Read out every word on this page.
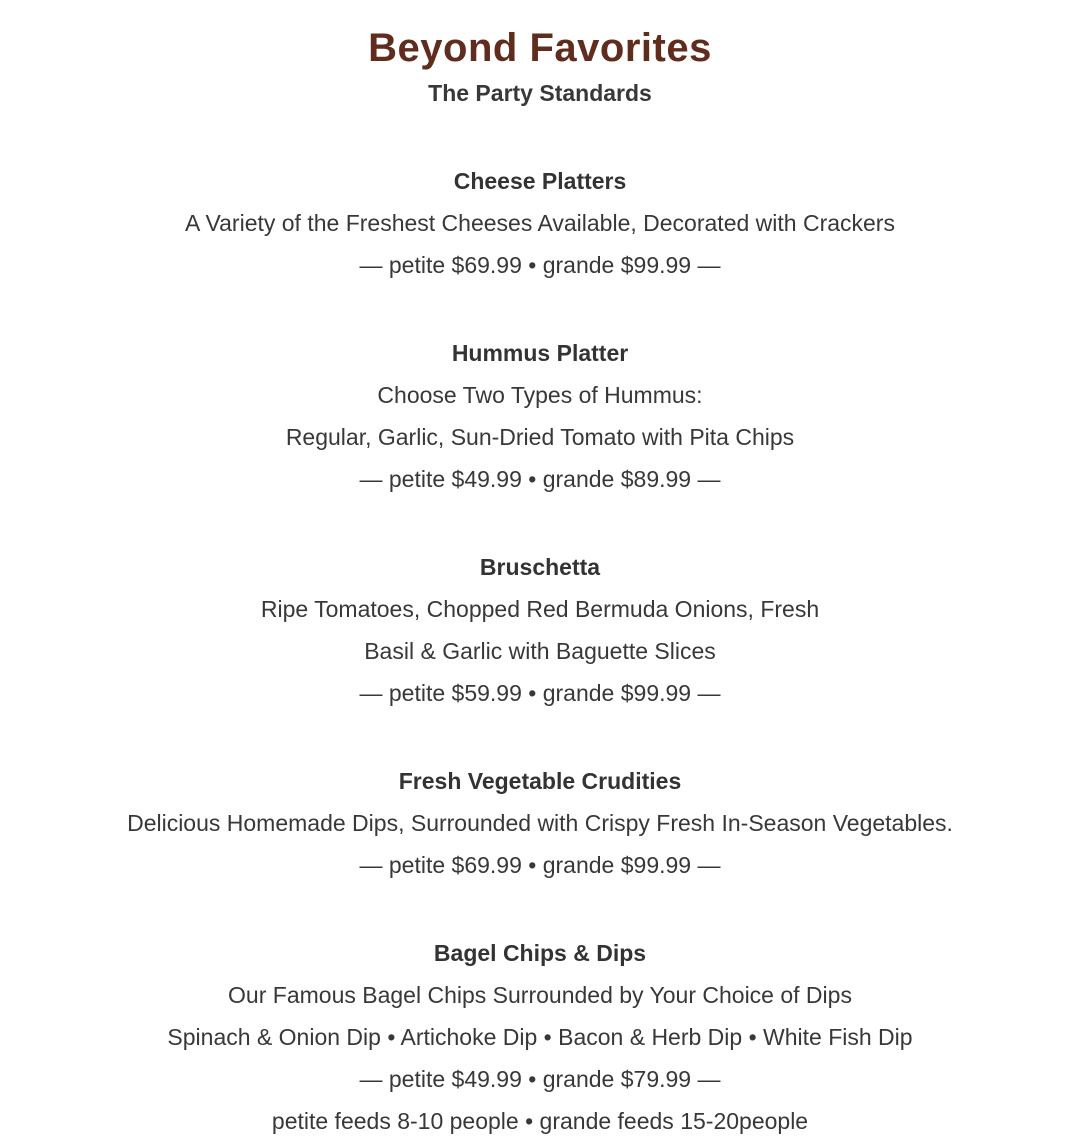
Beyond Favorites
The Party Standards
Cheese Platters

A Variety of the Freshest Cheeses Available, Decorated with Crackers

— petite $69.99 • grande $99.99 —

Hummus Platter

Choose Two Types of Hummus:

Regular, Garlic, Sun-Dried Tomato with Pita Chips

— petite $49.99 • grande $89.99 —

Bruschetta

Ripe Tomatoes, Chopped Red Bermuda Onions, Fresh

Basil & Garlic with Baguette Slices

— petite $59.99 • grande $99.99 —

Fresh Vegetable Crudities

Delicious Homemade Dips, Surrounded with Crispy Fresh In-Season Vegetables.

— petite $69.99 • grande $99.99 —

Bagel Chips & Dips

Our Famous Bagel Chips Surrounded by Your Choice of Dips

Spinach & Onion Dip • Artichoke Dip • Bacon & Herb Dip • White Fish Dip

— petite $49.99 • grande $79.99 —

petite feeds 8-10 people • grande feeds 15-20people
